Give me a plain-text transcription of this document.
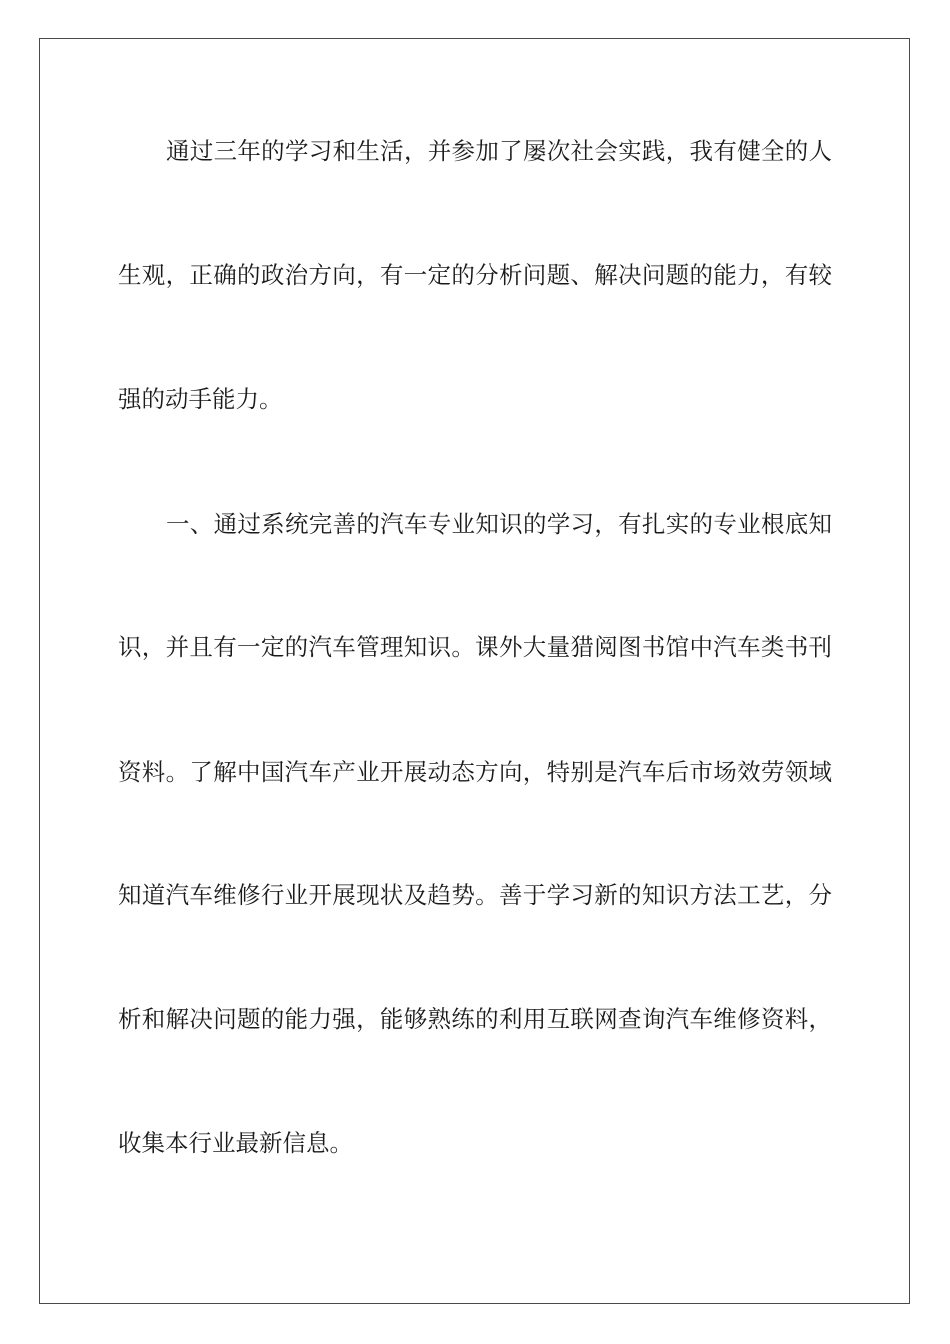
通过三年的学习和生活，并参加了屡次社会实践，我有健全的人

生观，正确的政治方向，有一定的分析问题、解决问题的能力，有较

强的动手能力。

一、通过系统完善的汽车专业知识的学习，有扎实的专业根底知

识，并且有一定的汽车管理知识。课外大量猎阅图书馆中汽车类书刊

资料。了解中国汽车产业开展动态方向，特别是汽车后市场效劳领域

知道汽车维修行业开展现状及趋势。善于学习新的知识方法工艺，分

析和解决问题的能力强，能够熟练的利用互联网查询汽车维修资料，

收集本行业最新信息。
